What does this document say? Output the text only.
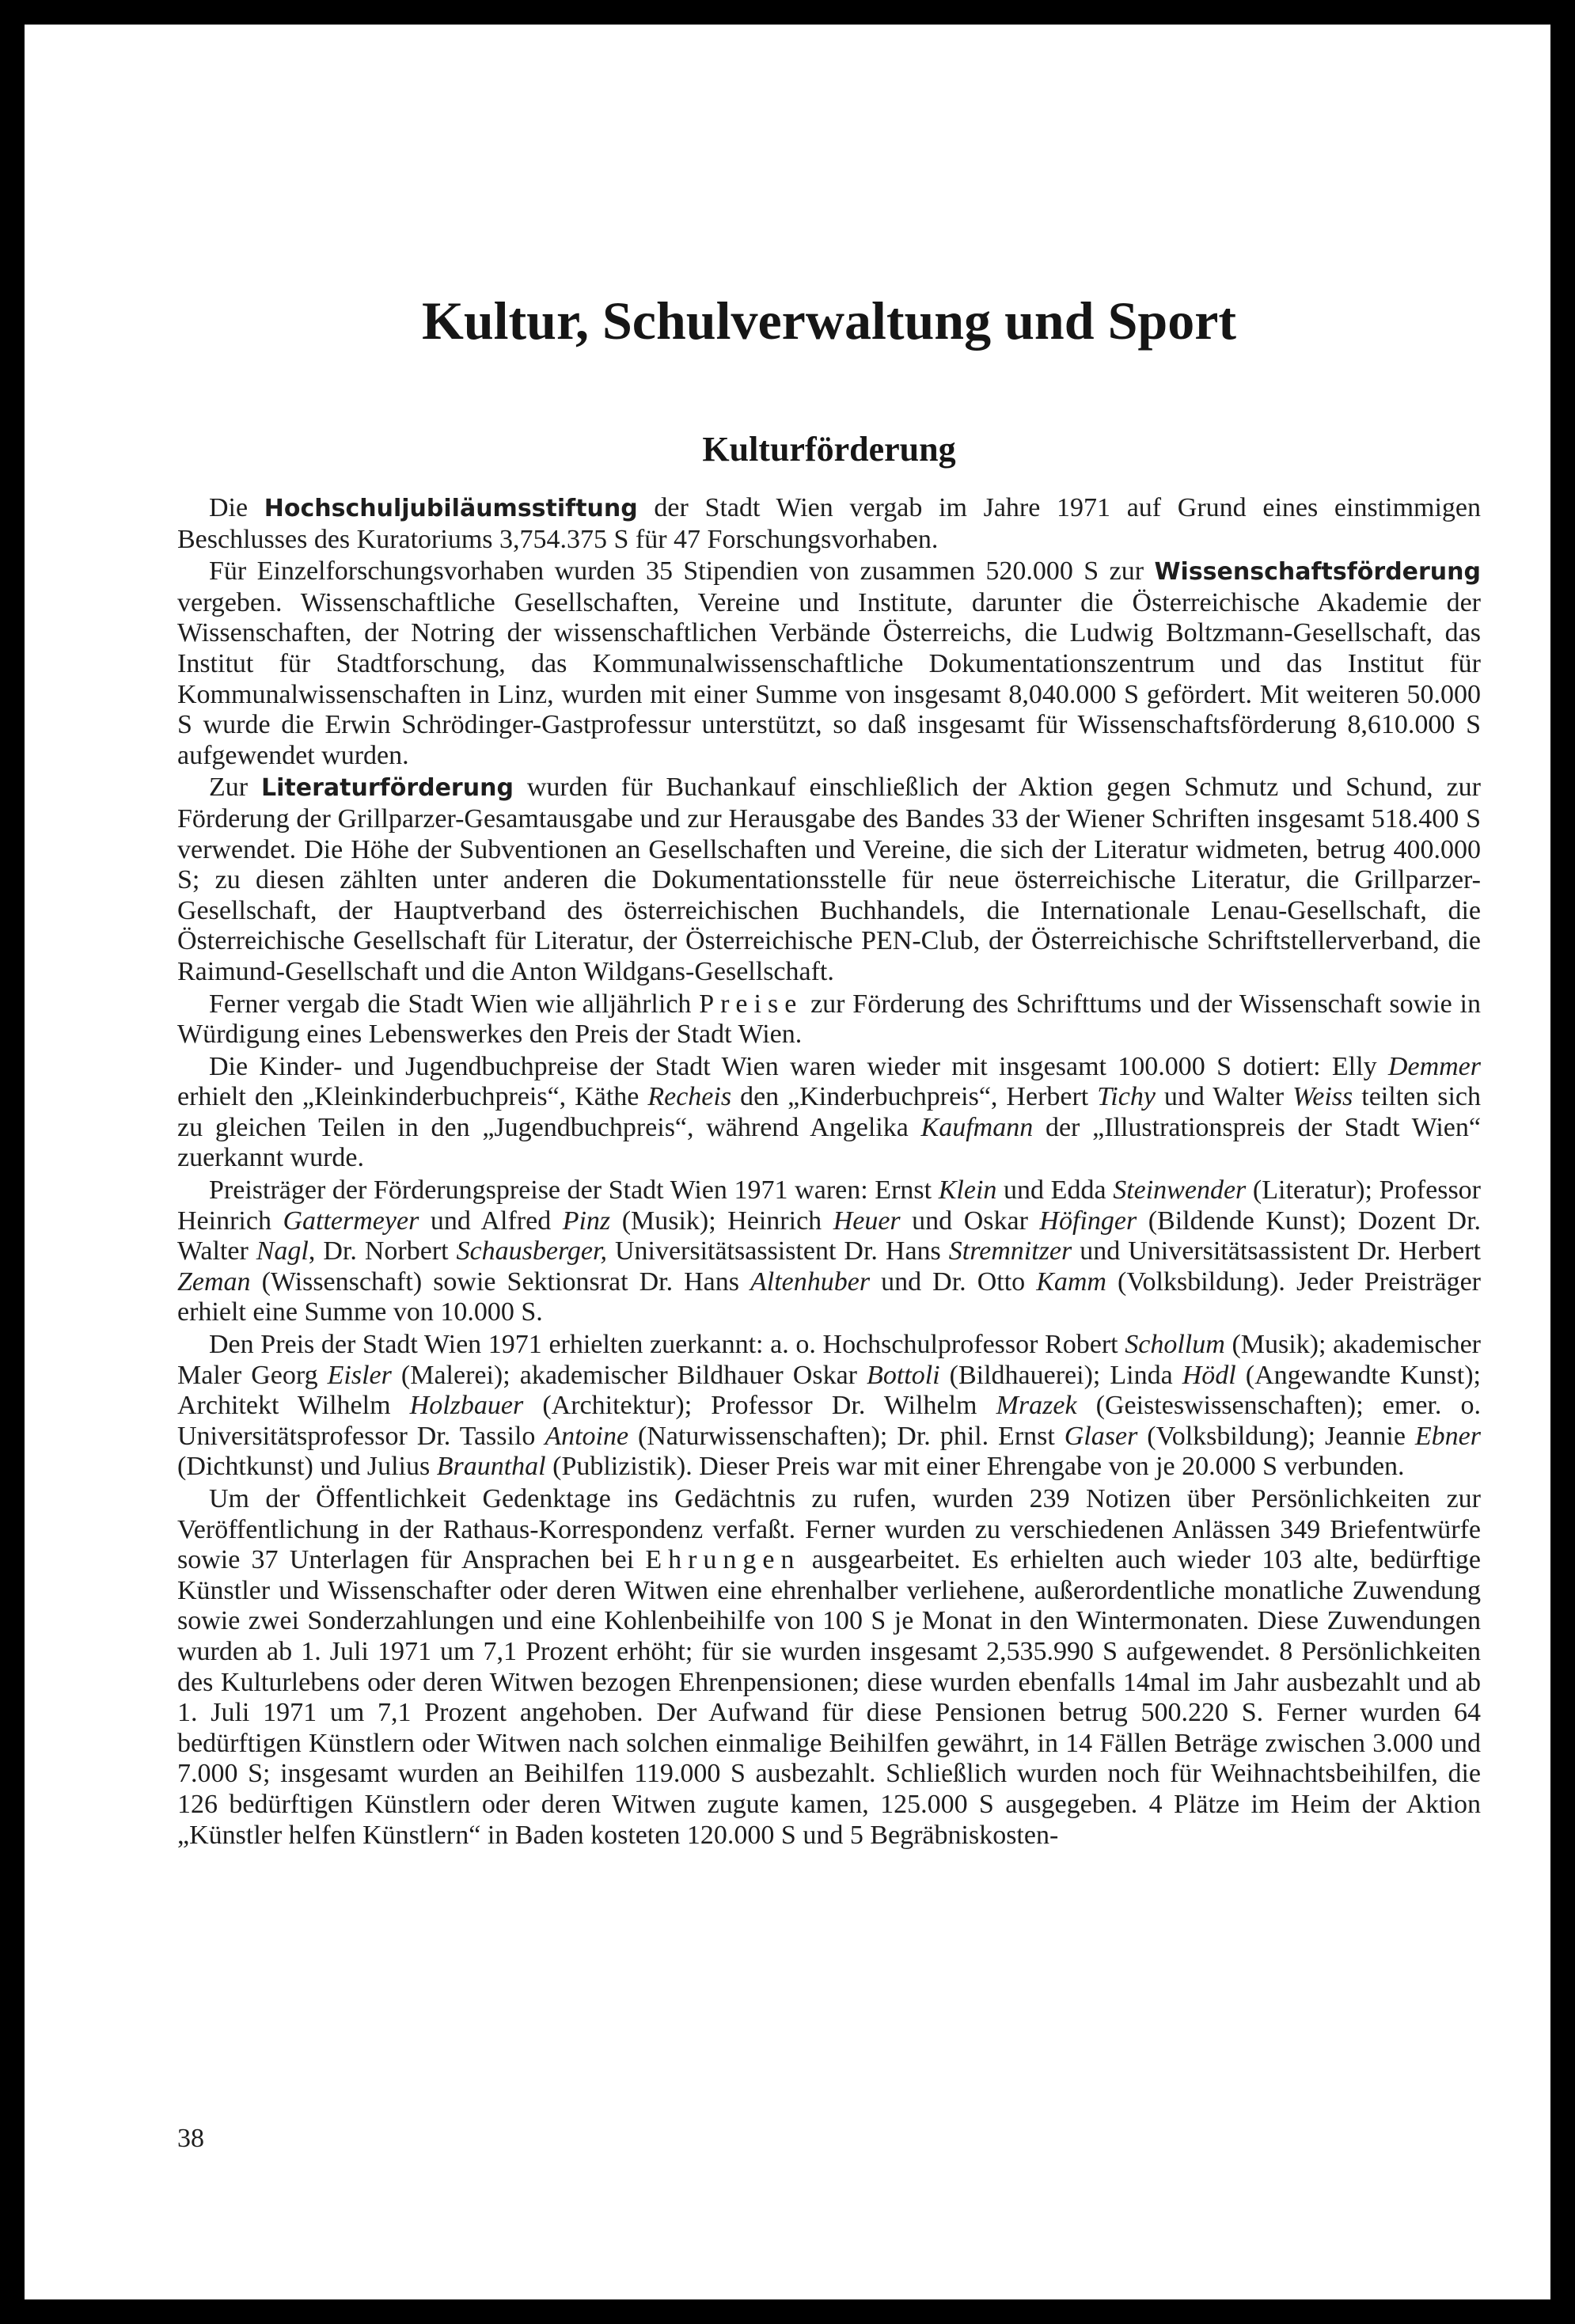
Kultur, Schulverwaltung und Sport
Kulturförderung

Die Hochschuljubiläumsstiftung der Stadt Wien vergab im Jahre 1971 auf Grund eines einstimmigen Beschlusses des Kuratoriums 3,754.375 S für 47 Forschungsvorhaben.

Für Einzelforschungsvorhaben wurden 35 Stipendien von zusammen 520.000 S zur Wissenschaftsförderung vergeben. Wissenschaftliche Gesellschaften, Vereine und Institute, darunter die Österreichische Akademie der Wissenschaften, der Notring der wissenschaftlichen Verbände Österreichs, die Ludwig Boltzmann-Gesellschaft, das Institut für Stadtforschung, das Kommunalwissenschaftliche Dokumentationszentrum und das Institut für Kommunalwissenschaften in Linz, wurden mit einer Summe von insgesamt 8,040.000 S gefördert. Mit weiteren 50.000 S wurde die Erwin Schrödinger-Gastprofessur unterstützt, so daß insgesamt für Wissenschaftsförderung 8,610.000 S aufgewendet wurden.

Zur Literaturförderung wurden für Buchankauf einschließlich der Aktion gegen Schmutz und Schund, zur Förderung der Grillparzer-Gesamtausgabe und zur Herausgabe des Bandes 33 der Wiener Schriften insgesamt 518.400 S verwendet. Die Höhe der Subventionen an Gesellschaften und Vereine, die sich der Literatur widmeten, betrug 400.000 S; zu diesen zählten unter anderen die Dokumentationsstelle für neue österreichische Literatur, die Grillparzer-Gesellschaft, der Hauptverband des österreichischen Buchhandels, die Internationale Lenau-Gesellschaft, die Österreichische Gesellschaft für Literatur, der Österreichische PEN-Club, der Österreichische Schriftstellerverband, die Raimund-Gesellschaft und die Anton Wildgans-Gesellschaft.

Ferner vergab die Stadt Wien wie alljährlich Preise zur Förderung des Schrifttums und der Wissenschaft sowie in Würdigung eines Lebenswerkes den Preis der Stadt Wien.

Die Kinder- und Jugendbuchpreise der Stadt Wien waren wieder mit insgesamt 100.000 S dotiert: Elly Demmer erhielt den „Kleinkinderbuchpreis“, Käthe Recheis den „Kinderbuchpreis“, Herbert Tichy und Walter Weiss teilten sich zu gleichen Teilen in den „Jugendbuchpreis“, während Angelika Kaufmann der „Illustrationspreis der Stadt Wien“ zuerkannt wurde.

Preisträger der Förderungspreise der Stadt Wien 1971 waren: Ernst Klein und Edda Steinwender (Literatur); Professor Heinrich Gattermeyer und Alfred Pinz (Musik); Heinrich Heuer und Oskar Höfinger (Bildende Kunst); Dozent Dr. Walter Nagl, Dr. Norbert Schausberger, Universitätsassistent Dr. Hans Stremnitzer und Universitätsassistent Dr. Herbert Zeman (Wissenschaft) sowie Sektionsrat Dr. Hans Altenhuber und Dr. Otto Kamm (Volksbildung). Jeder Preisträger erhielt eine Summe von 10.000 S.

Den Preis der Stadt Wien 1971 erhielten zuerkannt: a. o. Hochschulprofessor Robert Schollum (Musik); akademischer Maler Georg Eisler (Malerei); akademischer Bildhauer Oskar Bottoli (Bildhauerei); Linda Hödl (Angewandte Kunst); Architekt Wilhelm Holzbauer (Architektur); Professor Dr. Wilhelm Mrazek (Geisteswissenschaften); emer. o. Universitätsprofessor Dr. Tassilo Antoine (Naturwissenschaften); Dr. phil. Ernst Glaser (Volksbildung); Jeannie Ebner (Dichtkunst) und Julius Braunthal (Publizistik). Dieser Preis war mit einer Ehrengabe von je 20.000 S verbunden.

Um der Öffentlichkeit Gedenktage ins Gedächtnis zu rufen, wurden 239 Notizen über Persönlichkeiten zur Veröffentlichung in der Rathaus-Korrespondenz verfaßt. Ferner wurden zu verschiedenen Anlässen 349 Briefentwürfe sowie 37 Unterlagen für Ansprachen bei Ehrungen ausgearbeitet. Es erhielten auch wieder 103 alte, bedürftige Künstler und Wissenschafter oder deren Witwen eine ehrenhalber verliehene, außerordentliche monatliche Zuwendung sowie zwei Sonderzahlungen und eine Kohlenbeihilfe von 100 S je Monat in den Wintermonaten. Diese Zuwendungen wurden ab 1. Juli 1971 um 7,1 Prozent erhöht; für sie wurden insgesamt 2,535.990 S aufgewendet. 8 Persönlichkeiten des Kulturlebens oder deren Witwen bezogen Ehrenpensionen; diese wurden ebenfalls 14mal im Jahr ausbezahlt und ab 1. Juli 1971 um 7,1 Prozent angehoben. Der Aufwand für diese Pensionen betrug 500.220 S. Ferner wurden 64 bedürftigen Künstlern oder Witwen nach solchen einmalige Beihilfen gewährt, in 14 Fällen Beträge zwischen 3.000 und 7.000 S; insgesamt wurden an Beihilfen 119.000 S ausbezahlt. Schließlich wurden noch für Weihnachtsbeihilfen, die 126 bedürftigen Künstlern oder deren Witwen zugute kamen, 125.000 S ausgegeben. 4 Plätze im Heim der Aktion „Künstler helfen Künstlern“ in Baden kosteten 120.000 S und 5 Begräbniskosten-

38
